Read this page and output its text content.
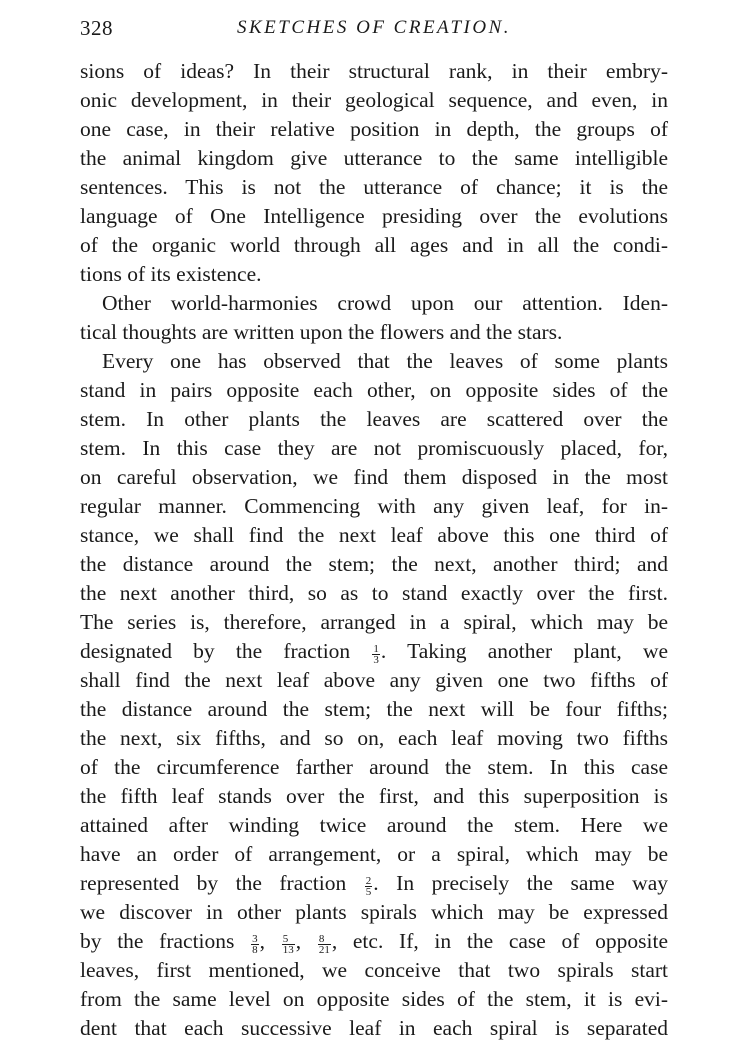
328	SKETCHES OF CREATION.
sions of ideas? In their structural rank, in their embry-
onic development, in their geological sequence, and even, in
one case, in their relative position in depth, the groups of
the animal kingdom give utterance to the same intelligible
sentences. This is not the utterance of chance; it is the
language of One Intelligence presiding over the evolutions
of the organic world through all ages and in all the condi-
tions of its existence.
Other world-harmonies crowd upon our attention. Iden-
tical thoughts are written upon the flowers and the stars.
Every one has observed that the leaves of some plants
stand in pairs opposite each other, on opposite sides of the
stem. In other plants the leaves are scattered over the
stem. In this case they are not promiscuously placed, for,
on careful observation, we find them disposed in the most
regular manner. Commencing with any given leaf, for in-
stance, we shall find the next leaf above this one third of
the distance around the stem; the next, another third; and
the next another third, so as to stand exactly over the first.
The series is, therefore, arranged in a spiral, which may be
designated by the fraction $\frac{1}{3}$ . Taking another plant, we
shall find the next leaf above any given one two fifths of
the distance around the stem; the next will be four fifths;
the next, six fifths, and so on, each leaf moving two fifths
of the circumference farther around the stem. In this case
the fifth leaf stands over the first, and this superposition is
attained after winding twice around the stem. Here we
have an order of arrangement, or a spiral, which may be
represented by the fraction $\frac{2}{5}$ . In precisely the same way
we discover in other plants spirals which may be expressed
by the fractions $\frac{3}{8}$ , $\frac{5}{13}$ , $\frac{8}{21}$ , etc. If, in the case of opposite
leaves, first mentioned, we conceive that two spirals start
from the same level on opposite sides of the stem, it is evi-
dent that each successive leaf in each spiral is separated
